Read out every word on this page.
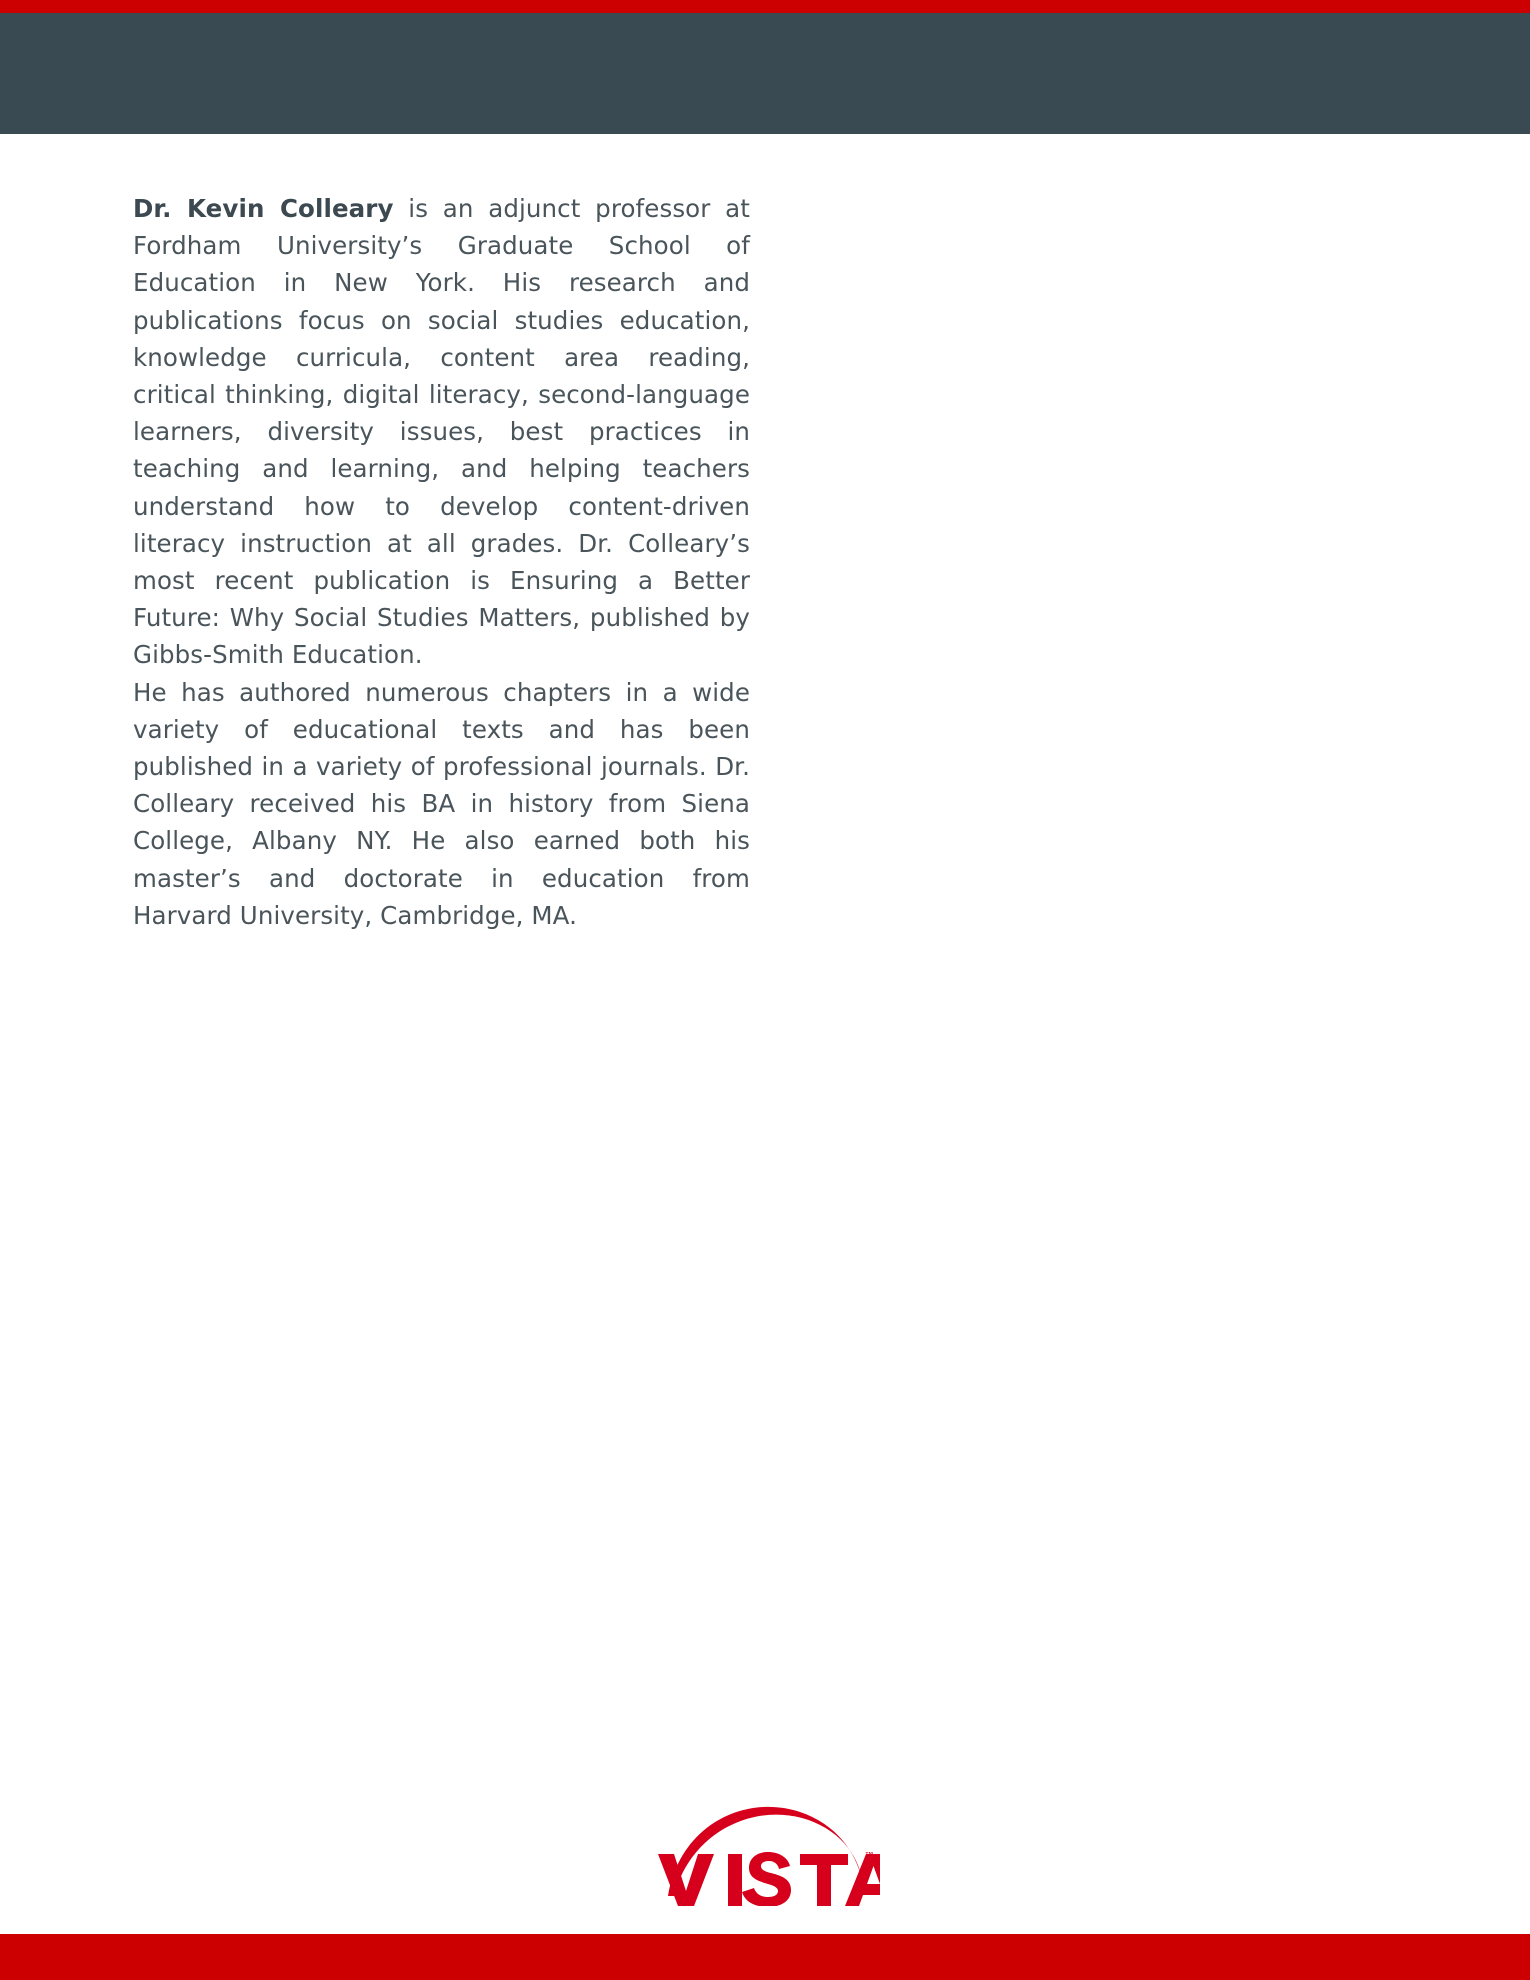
Dr. Kevin Colleary is an adjunct professor at Fordham University’s Graduate School of Education in New York. His research and publications focus on social studies education, knowledge curricula, content area reading, critical thinking, digital literacy, second-language learners, diversity issues, best practices in teaching and learning, and helping teachers understand how to develop content-driven literacy instruction at all grades. Dr. Colleary’s most recent publication is Ensuring a Better Future: Why Social Studies Matters, published by Gibbs-Smith Education.

He has authored numerous chapters in a wide variety of educational texts and has been published in a variety of professional journals. Dr. Colleary received his BA in history from Siena College, Albany NY. He also earned both his master’s and doctorate in education from Harvard University, Cambridge, MA.

™
